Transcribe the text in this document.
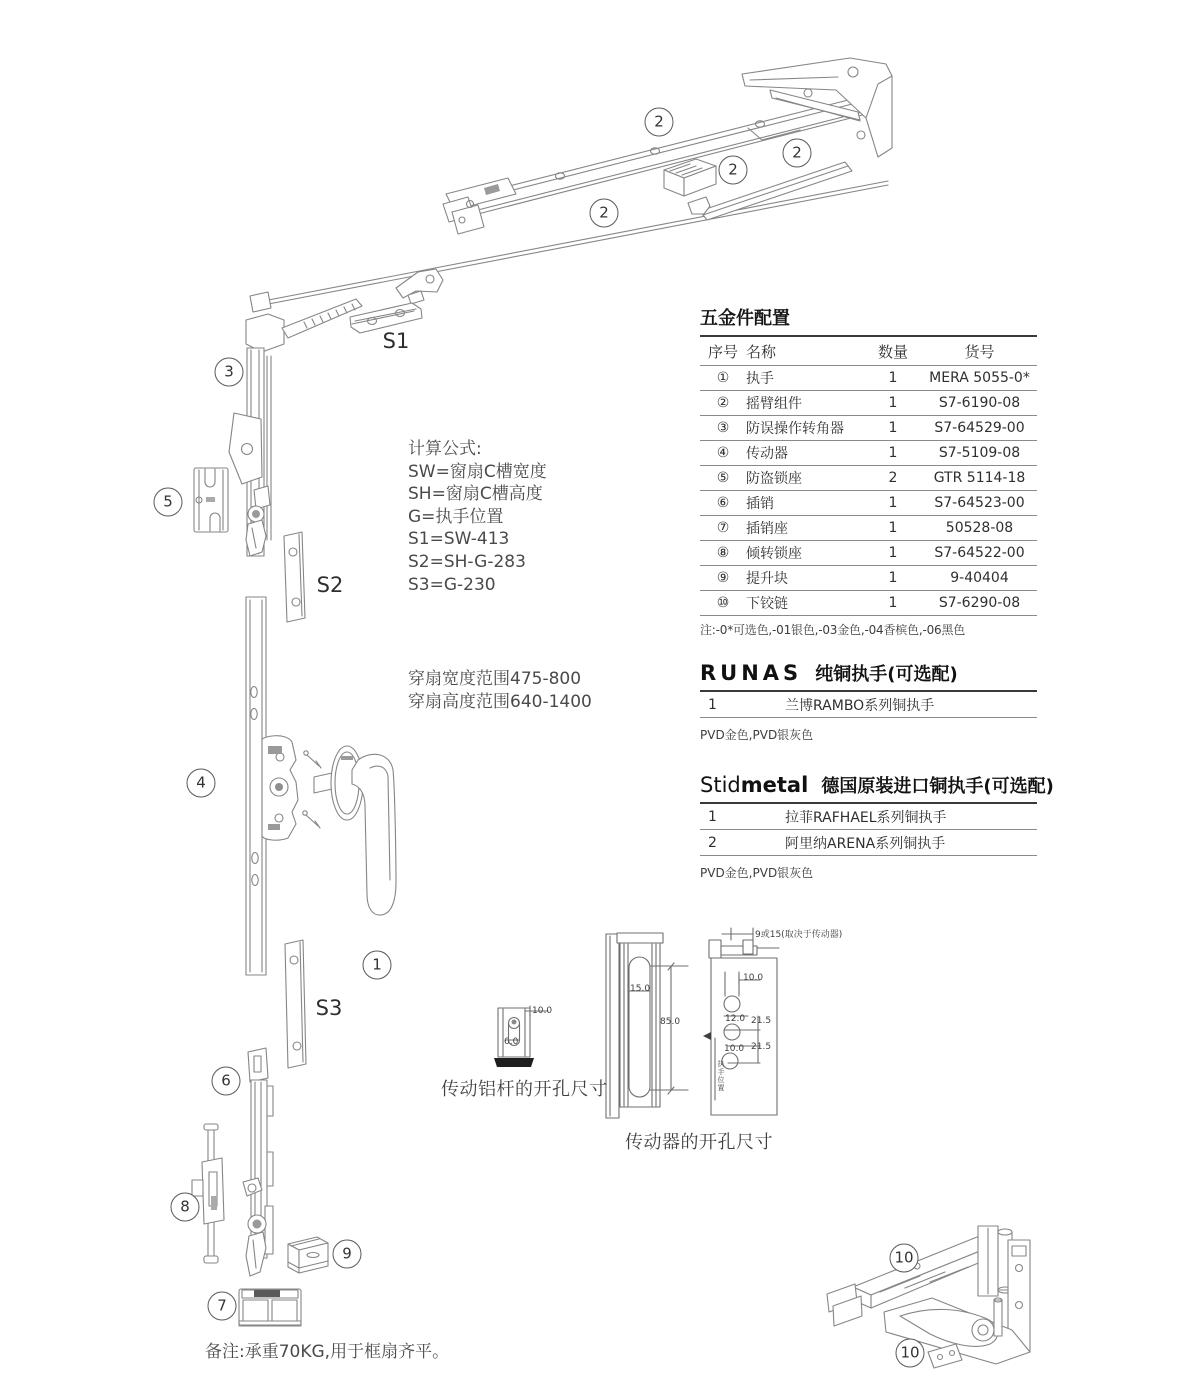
2
2
2
2
3
5
4
1
6
8
9
7
10
10
S1
S2
S3
计算公式:
SW=窗扇C槽宽度
SH=窗扇C槽高度
G=执手位置
S1=SW-413
S2=SH-G-283
S3=G-230
穿扇宽度范围475-800
穿扇高度范围640-1400
五金件配置
序号	名称	数量	货号
①	执手	1	MERA 5055-0*
②	摇臂组件	1	S7-6190-08
③	防误操作转角器	1	S7-64529-00
④	传动器	1	S7-5109-08
⑤	防盗锁座	2	GTR 5114-18
⑥	插销	1	S7-64523-00
⑦	插销座	1	50528-08
⑧	倾转锁座	1	S7-64522-00
⑨	提升块	1	9-40404
⑩	下铰链	1	S7-6290-08
注:-0*可选色,-01银色,-03金色,-04香槟色,-06黑色
RUNAS 纯铜执手(可选配)
1	兰博RAMBO系列铜执手
PVD金色,PVD银灰色
Stidmetal 德国原装进口铜执手(可选配)
1	拉菲RAFHAEL系列铜执手
2	阿里纳ARENA系列铜执手
PVD金色,PVD银灰色
10.0
6.0
15.0
85.0
9或15(取决于传动器)
10.0
12.0 21.5
10.0 21.5
执手位置
传动铝杆的开孔尺寸
传动器的开孔尺寸
备注:承重70KG,用于框扇齐平。
